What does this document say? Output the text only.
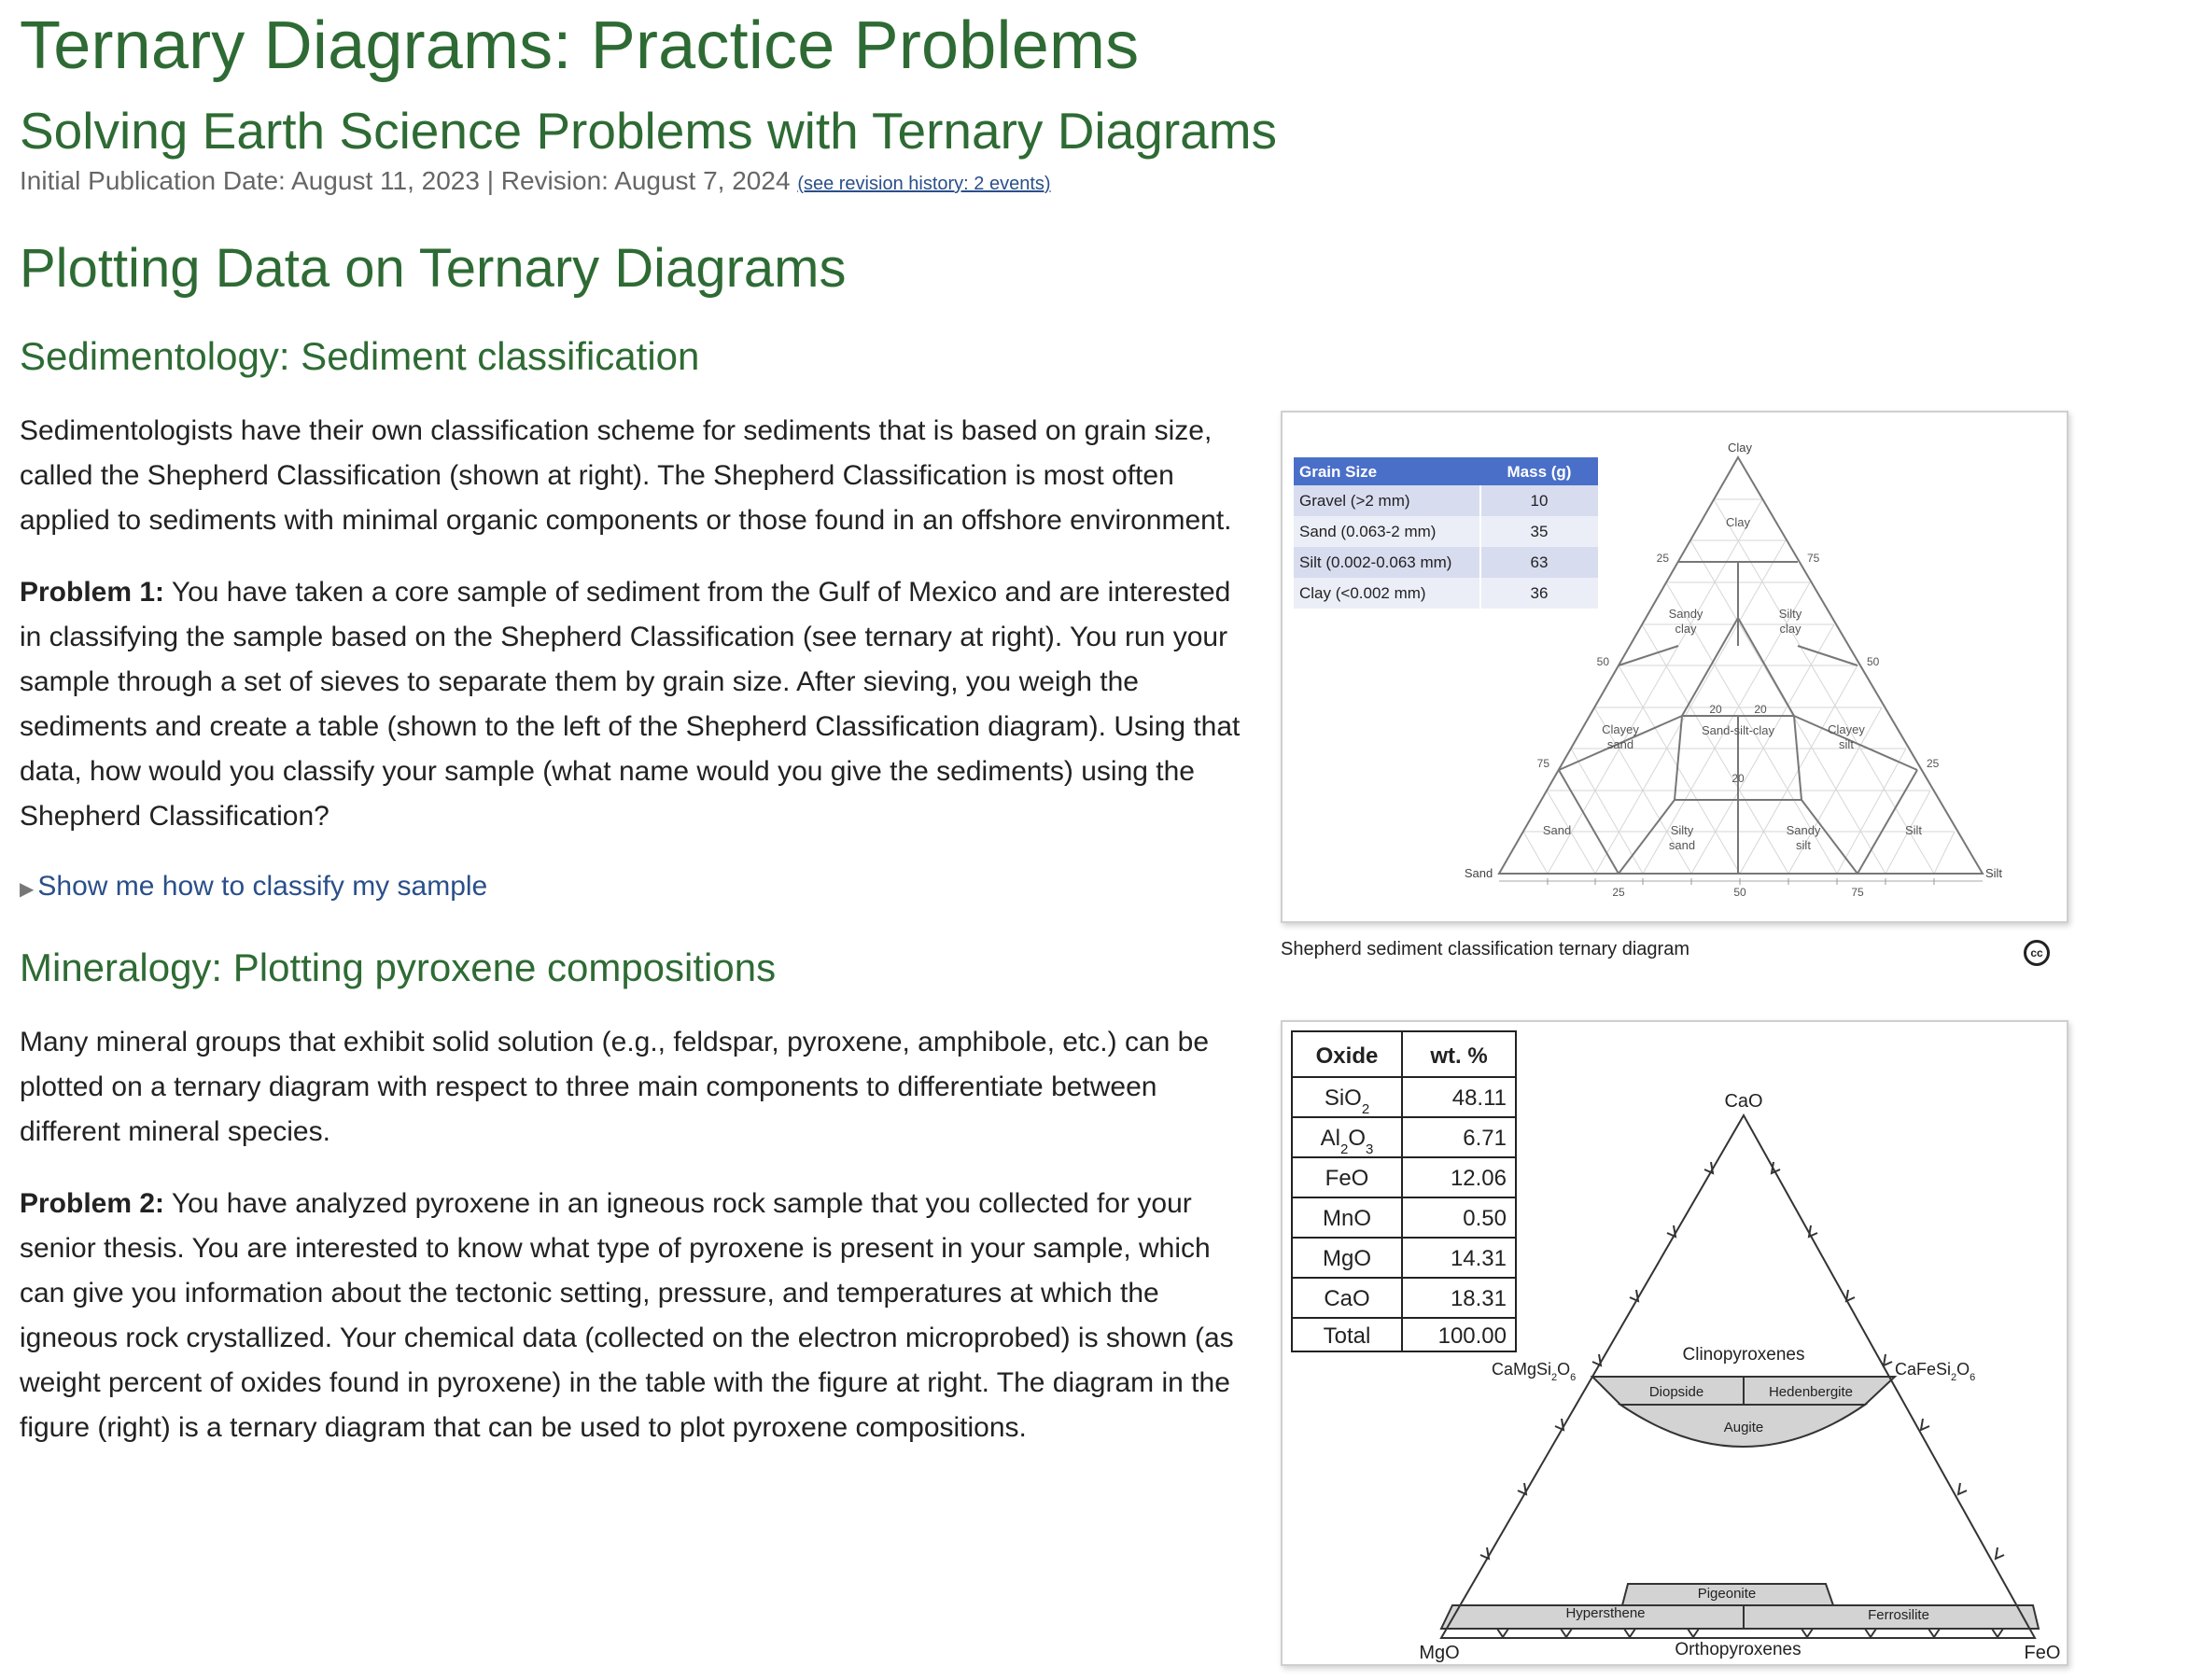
Ternary Diagrams: Practice Problems
Solving Earth Science Problems with Ternary Diagrams
Initial Publication Date: August 11, 2023 | Revision: August 7, 2024 (see revision history: 2 events)
Plotting Data on Ternary Diagrams
Sedimentology: Sediment classification
Sedimentologists have their own classification scheme for sediments that is based on grain size, called the Shepherd Classification (shown at right). The Shepherd Classification is most often applied to sediments with minimal organic components or those found in an offshore environment.
Problem 1: You have taken a core sample of sediment from the Gulf of Mexico and are interested in classifying the sample based on the Shepherd Classification (see ternary at right). You run your sample through a set of sieves to separate them by grain size. After sieving, you weigh the sediments and create a table (shown to the left of the Shepherd Classification diagram). Using that data, how would you classify your sample (what name would you give the sediments) using the Shepherd Classification?
▶ Show me how to classify my sample
Mineralogy: Plotting pyroxene compositions
Many mineral groups that exhibit solid solution (e.g., feldspar, pyroxene, amphibole, etc.) can be plotted on a ternary diagram with respect to three main components to differentiate between different mineral species.
Problem 2: You have analyzed pyroxene in an igneous rock sample that you collected for your senior thesis. You are interested to know what type of pyroxene is present in your sample, which can give you information about the tectonic setting, pressure, and temperatures at which the igneous rock crystallized. Your chemical data (collected on the electron microprobed) is shown (as weight percent of oxides found in pyroxene) in the table with the figure at right. The diagram in the figure (right) is a ternary diagram that can be used to plot pyroxene compositions.
Grain Size	Mass (g)
Gravel (>2 mm)	10
Sand (0.063-2 mm)	35
Silt (0.002-0.063 mm)	63
Clay (<0.002 mm)	36
Clay
Sand	Silt
Clay
Sandy
clay
Silty
clay
Clayey
sand
Sand-silt-clay	Clayey
silt
Sand	Silty
sand
Sandy
silt
Silt
25	75
50	50
75	25
20	20
20
25	50	75
Shepherd sediment classification ternary diagram	cc
Oxide wt. %
SiO$_2$	48.11
$Al_2O_3$	6.71
FeO	12.06
MnO	0.50
MgO	14.31
CaO	18.31
Total	100.00
CaO
MgO	FeO
$CaMgSi_2O_6$	$CaFeSi_2O_6$
Clinopyroxenes
Diopside	Hedenbergite
Augite
Pigeonite
Hypersthene	Ferrosilite
Orthopyroxenes
